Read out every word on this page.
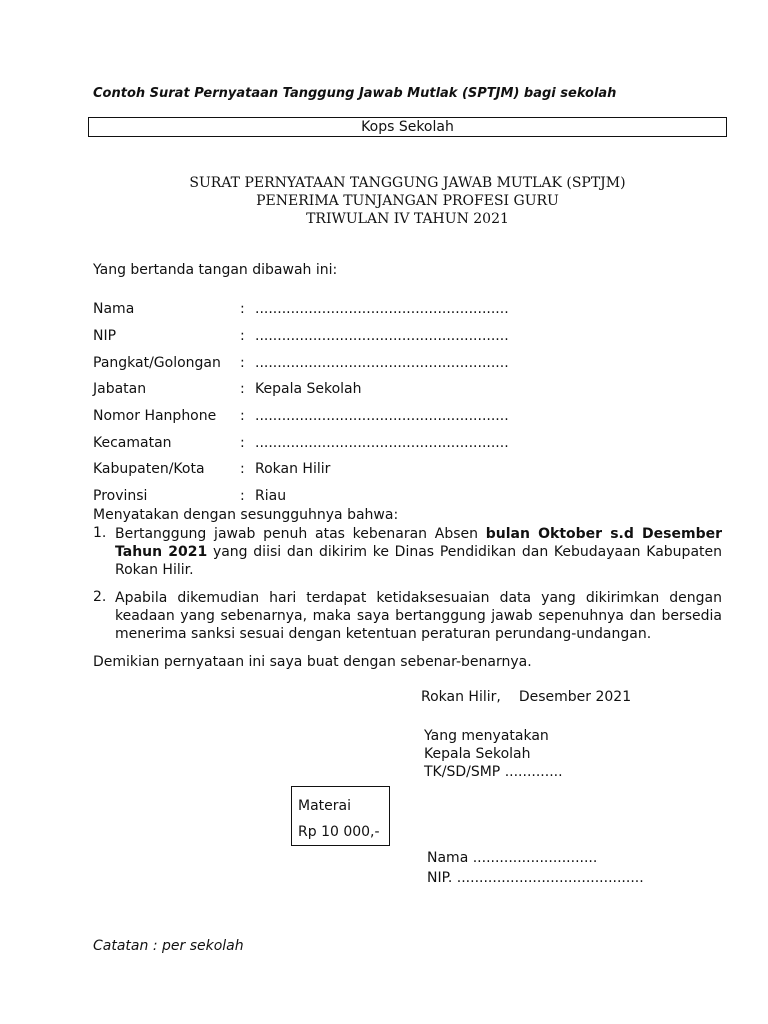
Contoh Surat Pernyataan Tanggung Jawab Mutlak (SPTJM) bagi sekolah
Kops Sekolah
SURAT PERNYATAAN TANGGUNG JAWAB MUTLAK (SPTJM)
PENERIMA TUNJANGAN PROFESI GURU
TRIWULAN IV TAHUN 2021
Yang bertanda tangan dibawah ini:
Nama	: .........................................................
NIP	: .........................................................
Pangkat/Golongan	: .........................................................
Jabatan	: Kepala Sekolah
Nomor Hanphone	: .........................................................
Kecamatan	: .........................................................
Kabupaten/Kota	: Rokan Hilir
Provinsi	: Riau
Menyatakan dengan sesungguhnya bahwa:
1. Bertanggung jawab penuh atas kebenaran Absen bulan Oktober s.d Desember Tahun 2021 yang diisi dan dikirim ke Dinas Pendidikan dan Kebudayaan Kabupaten Rokan Hilir.
2. Apabila dikemudian hari terdapat ketidaksesuaian data yang dikirimkan dengan keadaan yang sebenarnya, maka saya bertanggung jawab sepenuhnya dan bersedia menerima sanksi sesuai dengan ketentuan peraturan perundang-undangan.
Demikian pernyataan ini saya buat dengan sebenar-benarnya.
Rokan Hilir, Desember 2021
Yang menyatakan
Kepala Sekolah
TK/SD/SMP .............
Materai
Rp 10 000,-
Nama ............................
NIP. ..........................................
Catatan : per sekolah
